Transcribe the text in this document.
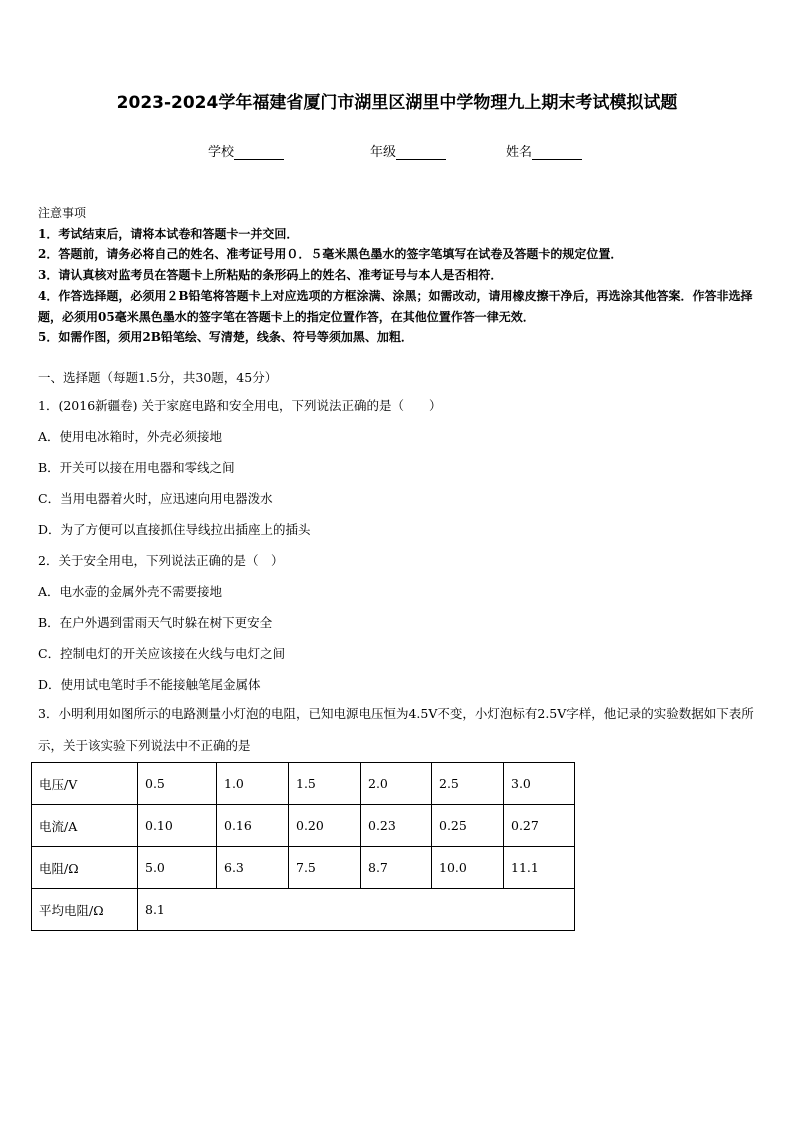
2023-2024学年福建省厦门市湖里区湖里中学物理九上期末考试模拟试题
学校	年级	姓名
注意事项
1．考试结束后，请将本试卷和答题卡一并交回．
2．答题前，请务必将自己的姓名、准考证号用０．５毫米黑色墨水的签字笔填写在试卷及答题卡的规定位置．
3．请认真核对监考员在答题卡上所粘贴的条形码上的姓名、准考证号与本人是否相符．
4．作答选择题，必须用２B铅笔将答题卡上对应选项的方框涂满、涂黑；如需改动，请用橡皮擦干净后，再选涂其他答案．作答非选择题，必须用05毫米黑色墨水的签字笔在答题卡上的指定位置作答，在其他位置作答一律无效．
5．如需作图，须用2B铅笔绘、写清楚，线条、符号等须加黑、加粗．
一、选择题（每题1.5分，共30题，45分）
1．(2016新疆卷) 关于家庭电路和安全用电，下列说法正确的是（　　）
A．使用电冰箱时，外壳必须接地
B．开关可以接在用电器和零线之间
C．当用电器着火时，应迅速向用电器泼水
D．为了方便可以直接抓住导线拉出插座上的插头
2．关于安全用电，下列说法正确的是（　）
A．电水壶的金属外壳不需要接地
B．在户外遇到雷雨天气时躲在树下更安全
C．控制电灯的开关应该接在火线与电灯之间
D．使用试电笔时手不能接触笔尾金属体
3．小明利用如图所示的电路测量小灯泡的电阻，已知电源电压恒为4.5V不变，小灯泡标有2.5V字样，他记录的实验数据如下表所示，关于该实验下列说法中不正确的是
电压/V	0.5	1.0	1.5	2.0	2.5	3.0
电流/A	0.10	0.16	0.20	0.23	0.25	0.27
电阻/Ω	5.0	6.3	7.5	8.7	10.0	11.1
平均电阻/Ω	8.1					
